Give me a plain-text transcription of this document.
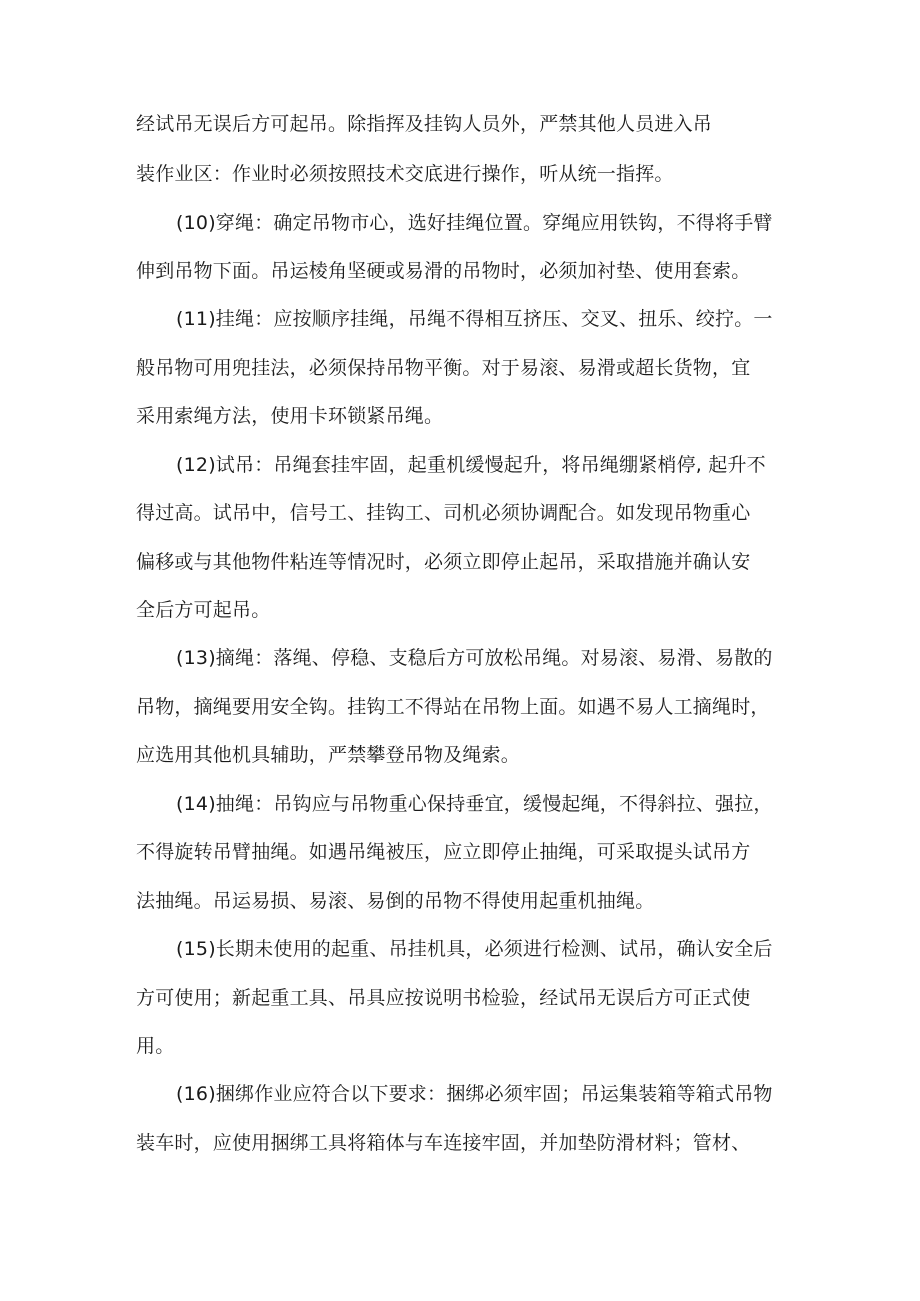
经试吊无误后方可起吊。除指挥及挂钩人员外，严禁其他人员进入吊
装作业区：作业时必须按照技术交底进行操作，听从统一指挥。
(10)穿绳：确定吊物市心，选好挂绳位置。穿绳应用铁钩，不得将手臂
伸到吊物下面。吊运棱角坚硬或易滑的吊物时，必须加衬垫、使用套索。
(11)挂绳：应按顺序挂绳，吊绳不得相互挤压、交叉、扭乐、绞拧。一
般吊物可用兜挂法，必须保持吊物平衡。对于易滚、易滑或超长货物，宜
采用索绳方法，使用卡环锁紧吊绳。
(12)试吊：吊绳套挂牢固，起重机缓慢起升，将吊绳绷紧梢停, 起升不
得过高。试吊中，信号工、挂钩工、司机必须协调配合。如发现吊物重心
偏移或与其他物件粘连等情况时，必须立即停止起吊，采取措施并确认安
全后方可起吊。
(13)摘绳：落绳、停稳、支稳后方可放松吊绳。对易滚、易滑、易散的
吊物，摘绳要用安全钩。挂钩工不得站在吊物上面。如遇不易人工摘绳时，
应选用其他机具辅助，严禁攀登吊物及绳索。
(14)抽绳：吊钩应与吊物重心保持垂宜，缓慢起绳，不得斜拉、强拉，
不得旋转吊臂抽绳。如遇吊绳被压，应立即停止抽绳，可采取提头试吊方
法抽绳。吊运易损、易滚、易倒的吊物不得使用起重机抽绳。
(15)长期未使用的起重、吊挂机具，必须进行检测、试吊，确认安全后
方可使用；新起重工具、吊具应按说明书检验，经试吊无误后方可正式使
用。
(16)捆绑作业应符合以下要求：捆绑必须牢固；吊运集装箱等箱式吊物
装车时，应使用捆绑工具将箱体与车连接牢固，并加垫防滑材料；管材、
